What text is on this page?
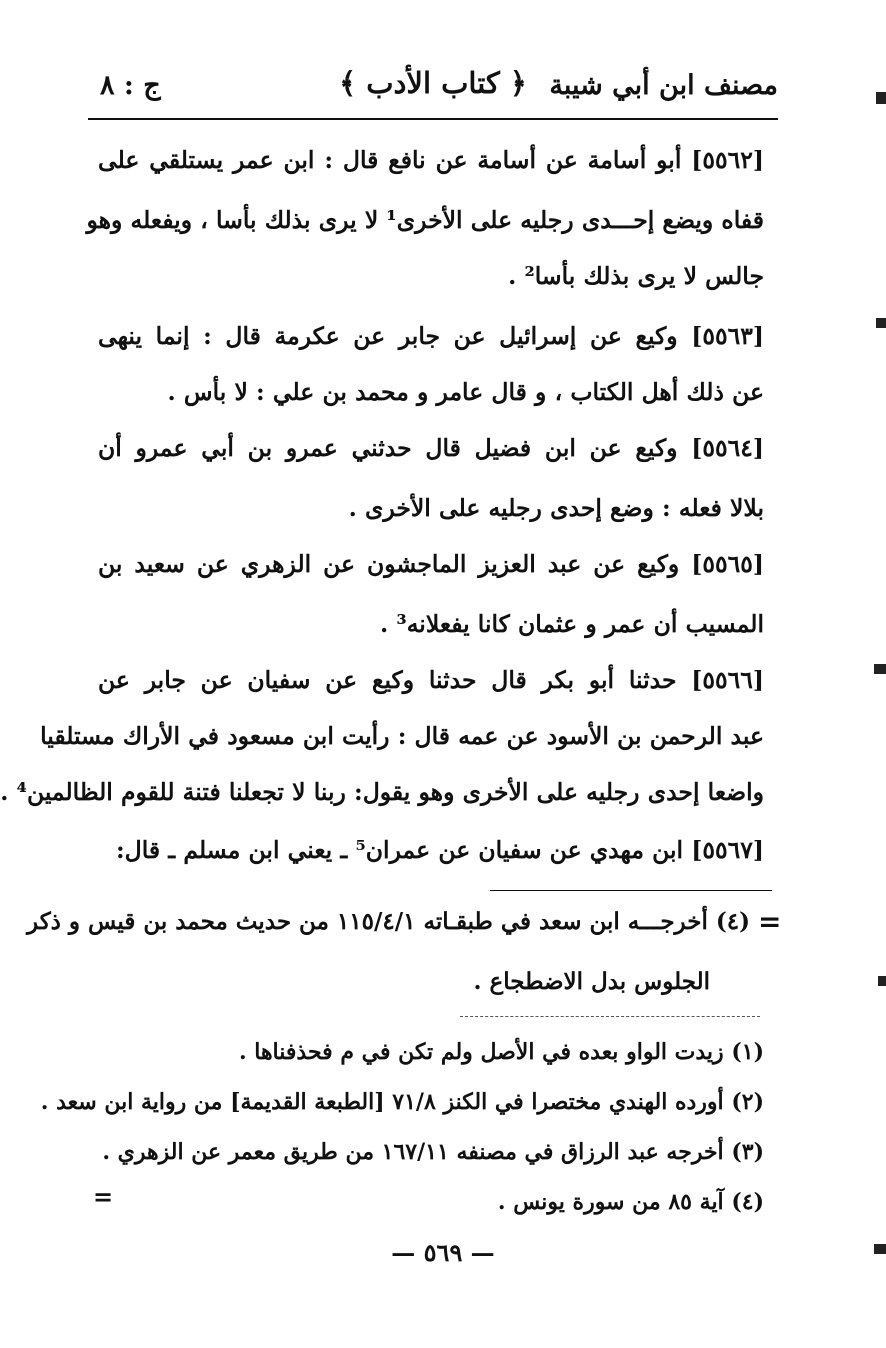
مصنف ابن أبي شيبة
﴿ كتاب الأدب ﴾
ج : ٨
[٥٥٦٢] أبو أسامة عن أسامة عن نافع قال : ابن عمر يستلقي على
قفاه ويضع إحـــدى رجليه على الأخرى¹ لا يرى بذلك بأسا ، ويفعله وهو
جالس لا يرى بذلك بأسا² .
[٥٥٦٣] وكيع عن إسرائيل عن جابر عن عكرمة قال : إنما ينهى
عن ذلك أهل الكتاب ، و قال عامر و محمد بن علي : لا بأس .
[٥٥٦٤] وكيع عن ابن فضيل قال حدثني عمرو بن أبي عمرو أن
بلالا فعله : وضع إحدى رجليه على الأخرى .
[٥٥٦٥] وكيع عن عبد العزيز الماجشون عن الزهري عن سعيد بن
المسيب أن عمر و عثمان كانا يفعلانه³ .
[٥٥٦٦] حدثنا أبو بكر قال حدثنا وكيع عن سفيان عن جابر عن
عبد الرحمن بن الأسود عن عمه قال : رأيت ابن مسعود في الأراك مستلقيا
واضعا إحدى رجليه على الأخرى وهو يقول: ربنا لا تجعلنا فتنة للقوم الظالمين⁴ .
[٥٥٦٧] ابن مهدي عن سفيان عن عمران⁵ ـ يعني ابن مسلم ـ قال:
=
(٤) أخرجـــه ابن سعد في طبقـاته ١١٥/٤/١ من حديث محمد بن قيس و ذكر
الجلوس بدل الاضطجاع .
(١) زيدت الواو بعده في الأصل ولم تكن في م فحذفناها .
(٢) أورده الهندي مختصرا في الكنز ٧١/٨ [الطبعة القديمة] من رواية ابن سعد .
(٣) أخرجه عبد الرزاق في مصنفه ١٦٧/١١ من طريق معمر عن الزهري .
(٤) آية ٨٥ من سورة يونس .
=
— ٥٦٩ —
